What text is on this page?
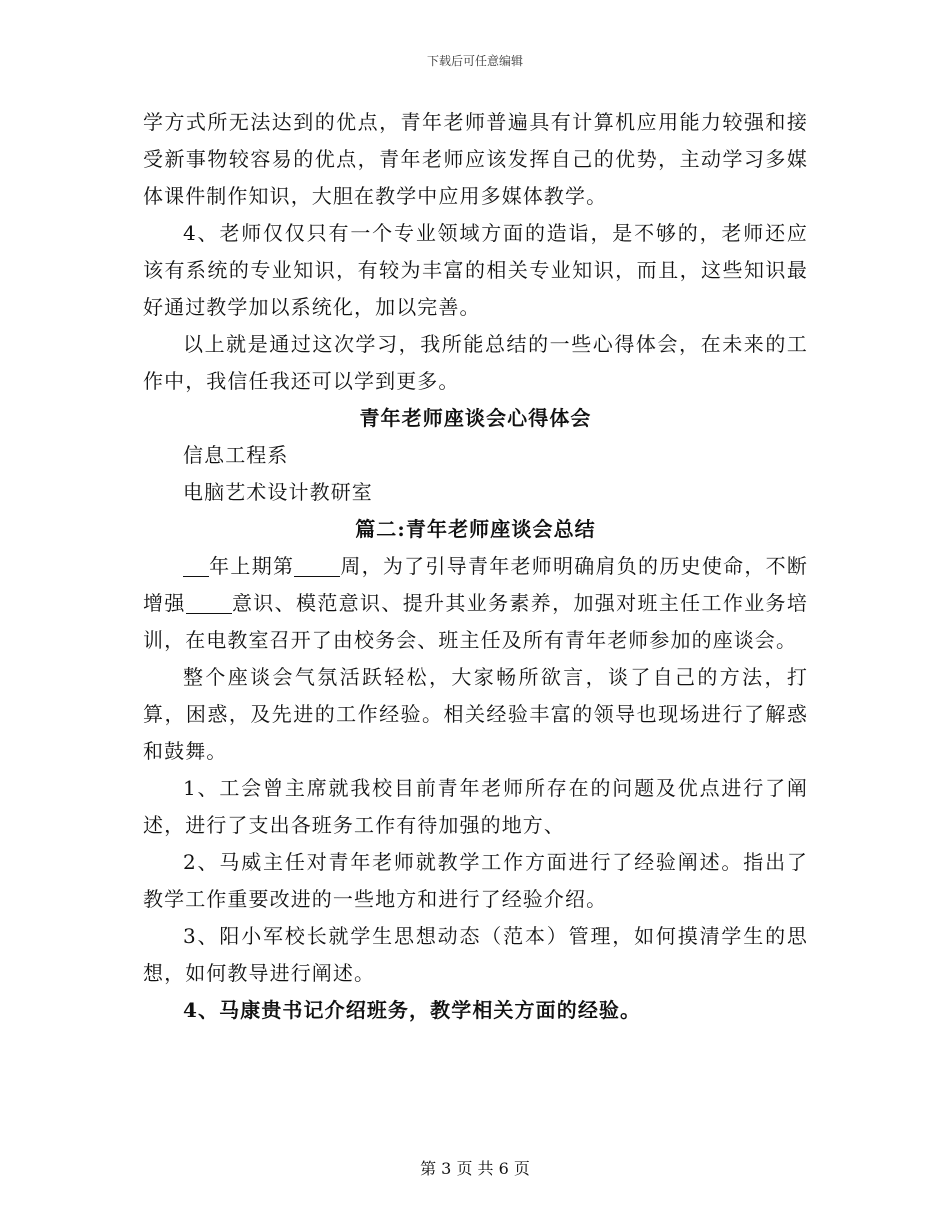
下载后可任意编辑

学方式所无法达到的优点，青年老师普遍具有计算机应用能力较强和接受新事物较容易的优点，青年老师应该发挥自己的优势，主动学习多媒体课件制作知识，大胆在教学中应用多媒体教学。

4、老师仅仅只有一个专业领域方面的造诣，是不够的，老师还应该有系统的专业知识，有较为丰富的相关专业知识，而且，这些知识最好通过教学加以系统化，加以完善。

以上就是通过这次学习，我所能总结的一些心得体会，在未来的工作中，我信任我还可以学到更多。

青年老师座谈会心得体会

信息工程系

电脑艺术设计教研室

篇二:青年老师座谈会总结

年上期第 周，为了引导青年老师明确肩负的历史使命，不断增强 意识、模范意识、提升其业务素养，加强对班主任工作业务培训，在电教室召开了由校务会、班主任及所有青年老师参加的座谈会。

整个座谈会气氛活跃轻松，大家畅所欲言，谈了自己的方法，打算，困惑，及先进的工作经验。相关经验丰富的领导也现场进行了解惑和鼓舞。

1、工会曾主席就我校目前青年老师所存在的问题及优点进行了阐述，进行了支出各班务工作有待加强的地方、

2、马威主任对青年老师就教学工作方面进行了经验阐述。指出了教学工作重要改进的一些地方和进行了经验介绍。

3、阳小军校长就学生思想动态（范本）管理，如何摸清学生的思想，如何教导进行阐述。

4、马康贵书记介绍班务，教学相关方面的经验。

第 3 页 共 6 页
